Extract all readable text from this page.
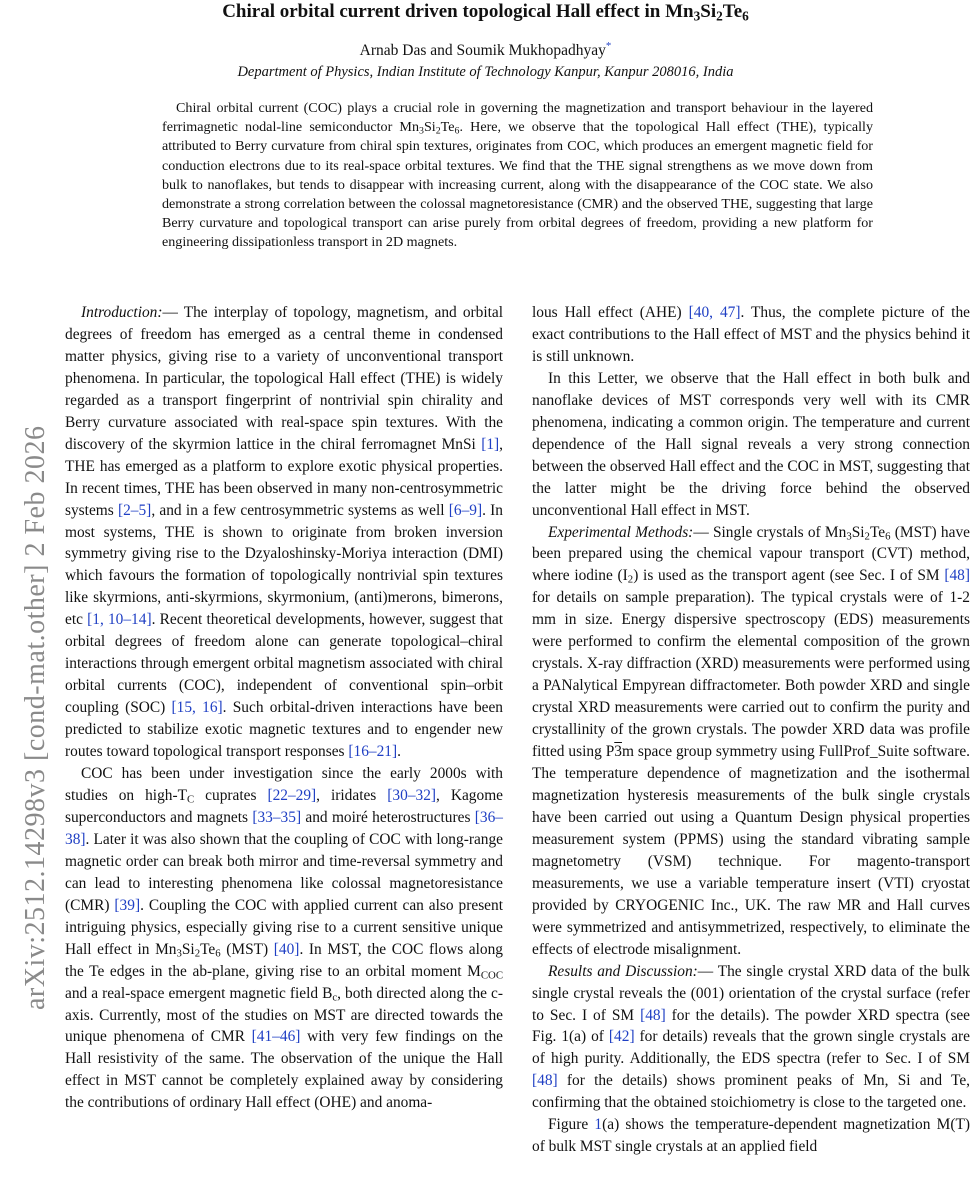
Chiral orbital current driven topological Hall effect in $Mn_3Si_2Te_6$
Arnab Das and Soumik Mukhopadhyay*
Department of Physics, Indian Institute of Technology Kanpur, Kanpur 208016, India

Chiral orbital current (COC) plays a crucial role in governing the magnetization and transport behaviour in the layered ferrimagnetic nodal-line semiconductor $Mn_3Si_2Te_6$. Here, we observe that the topological Hall effect (THE), typically attributed to Berry curvature from chiral spin textures, originates from COC, which produces an emergent magnetic field for conduction electrons due to its real-space orbital textures. We find that the THE signal strengthens as we move down from bulk to nanoflakes, but tends to disappear with increasing current, along with the disappearance of the COC state. We also demonstrate a strong correlation between the colossal magnetoresistance (CMR) and the observed THE, suggesting that large Berry curvature and topological transport can arise purely from orbital degrees of freedom, providing a new platform for engineering dissipationless transport in 2D magnets.

arXiv:2512.14298v3 [cond-mat.other] 2 Feb 2026

Introduction:— The interplay of topology, magnetism, and orbital degrees of freedom has emerged as a central theme in condensed matter physics, giving rise to a variety of unconventional transport phenomena. In particular, the topological Hall effect (THE) is widely regarded as a transport fingerprint of nontrivial spin chirality and Berry curvature associated with real-space spin textures. With the discovery of the skyrmion lattice in the chiral ferromagnet MnSi [1], THE has emerged as a platform to explore exotic physical properties. In recent times, THE has been observed in many non-centrosymmetric systems [2–5], and in a few centrosymmetric systems as well [6–9]. In most systems, THE is shown to originate from broken inversion symmetry giving rise to the Dzyaloshinsky-Moriya interaction (DMI) which favours the formation of topologically nontrivial spin textures like skyrmions, anti-skyrmions, skyrmonium, (anti)merons, bimerons, etc [1, 10–14]. Recent theoretical developments, however, suggest that orbital degrees of freedom alone can generate topological–chiral interactions through emergent orbital magnetism associated with chiral orbital currents (COC), independent of conventional spin–orbit coupling (SOC) [15, 16]. Such orbital-driven interactions have been predicted to stabilize exotic magnetic textures and to engender new routes toward topological transport responses [16–21].

COC has been under investigation since the early 2000s with studies on high-$T_C$ cuprates [22–29], iridates [30–32], Kagome superconductors and magnets [33–35] and moiré heterostructures [36–38]. Later it was also shown that the coupling of COC with long-range magnetic order can break both mirror and time-reversal symmetry and can lead to interesting phenomena like colossal magnetoresistance (CMR) [39]. Coupling the COC with applied current can also present intriguing physics, especially giving rise to a current sensitive unique Hall effect in $Mn_3Si_2Te_6$ (MST) [40]. In MST, the COC flows along the Te edges in the ab-plane, giving rise to an orbital moment $M_{COC}$ and a real-space emergent magnetic field $B_c$, both directed along the c-axis. Currently, most of the studies on MST are directed towards the unique phenomena of CMR [41–46] with very few findings on the Hall resistivity of the same. The observation of the unique the Hall effect in MST cannot be completely explained away by considering the contributions of ordinary Hall effect (OHE) and anoma-

lous Hall effect (AHE) [40, 47]. Thus, the complete picture of the exact contributions to the Hall effect of MST and the physics behind it is still unknown.

In this Letter, we observe that the Hall effect in both bulk and nanoflake devices of MST corresponds very well with its CMR phenomena, indicating a common origin. The temperature and current dependence of the Hall signal reveals a very strong connection between the observed Hall effect and the COC in MST, suggesting that the latter might be the driving force behind the observed unconventional Hall effect in MST.

Experimental Methods:— Single crystals of $Mn_3Si_2Te_6$ (MST) have been prepared using the chemical vapour transport (CVT) method, where iodine $(I_2)$ is used as the transport agent (see Sec. I of SM [48] for details on sample preparation). The typical crystals were of 1-2 mm in size. Energy dispersive spectroscopy (EDS) measurements were performed to confirm the elemental composition of the grown crystals. X-ray diffraction (XRD) measurements were performed using a PANalytical Empyrean diffractometer. Both powder XRD and single crystal XRD measurements were carried out to confirm the purity and crystallinity of the grown crystals. The powder XRD data was profile fitted using P3m space group symmetry using FullProf_Suite software. The temperature dependence of magnetization and the isothermal magnetization hysteresis measurements of the bulk single crystals have been carried out using a Quantum Design physical properties measurement system (PPMS) using the standard vibrating sample magnetometry (VSM) technique. For magento-transport measurements, we use a variable temperature insert (VTI) cryostat provided by CRYOGENIC Inc., UK. The raw MR and Hall curves were symmetrized and antisymmetrized, respectively, to eliminate the effects of electrode misalignment.

Results and Discussion:— The single crystal XRD data of the bulk single crystal reveals the (001) orientation of the crystal surface (refer to Sec. I of SM [48] for the details). The powder XRD spectra (see Fig. 1(a) of [42] for details) reveals that the grown single crystals are of high purity. Additionally, the EDS spectra (refer to Sec. I of SM [48] for the details) shows prominent peaks of Mn, Si and Te, confirming that the obtained stoichiometry is close to the targeted one.

Figure 1(a) shows the temperature-dependent magnetization M(T) of bulk MST single crystals at an applied field
